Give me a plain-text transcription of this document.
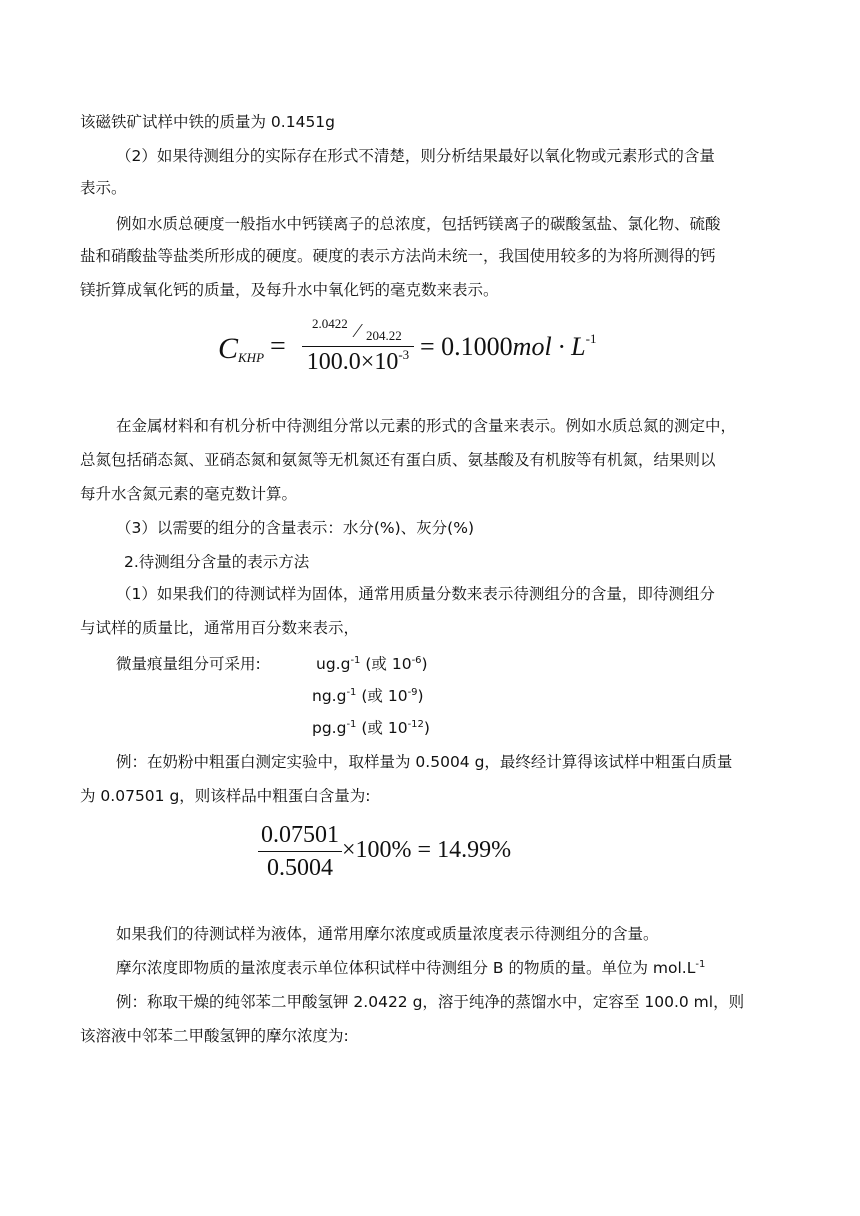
该磁铁矿试样中铁的质量为 0.1451g
（2）如果待测组分的实际存在形式不清楚，则分析结果最好以氧化物或元素形式的含量
表示。
例如水质总硬度一般指水中钙镁离子的总浓度，包括钙镁离子的碳酸氢盐、氯化物、硫酸
盐和硝酸盐等盐类所形成的硬度。硬度的表示方法尚未统一，我国使用较多的为将所测得的钙
镁折算成氧化钙的质量，及每升水中氧化钙的毫克数来表示。
CKHP =
2.0422 ⁄ 204.22
$100.0\times 10^{-3} = 0.1000mol \cdot L^{-1}$
在金属材料和有机分析中待测组分常以元素的形式的含量来表示。例如水质总氮的测定中，
总氮包括硝态氮、亚硝态氮和氨氮等无机氮还有蛋白质、氨基酸及有机胺等有机氮，结果则以
每升水含氮元素的毫克数计算。
（3）以需要的组分的含量表示：水分(%)、灰分(%)
2.待测组分含量的表示方法
（1）如果我们的待测试样为固体，通常用质量分数来表示待测组分的含量，即待测组分
与试样的质量比，通常用百分数来表示，
微量痕量组分可采用:	$ug.g^{-1}$ (或 $10^{-6}$)
$ng.g^{-1}$ (或 $10^{-9}$)
$pg.g^{-1}$ (或 $10^{-12}$)
例：在奶粉中粗蛋白测定实验中，取样量为 0.5004 g，最终经计算得该试样中粗蛋白质量
为 0.07501 g，则该样品中粗蛋白含量为:
0.07501
0.5004
×100% = 14.99%
如果我们的待测试样为液体，通常用摩尔浓度或质量浓度表示待测组分的含量。
摩尔浓度即物质的量浓度表示单位体积试样中待测组分 B 的物质的量。单位为 $mol.L^{-1}$
例：称取干燥的纯邻苯二甲酸氢钾 2.0422 g，溶于纯净的蒸馏水中，定容至 100.0 ml，则
该溶液中邻苯二甲酸氢钾的摩尔浓度为:
